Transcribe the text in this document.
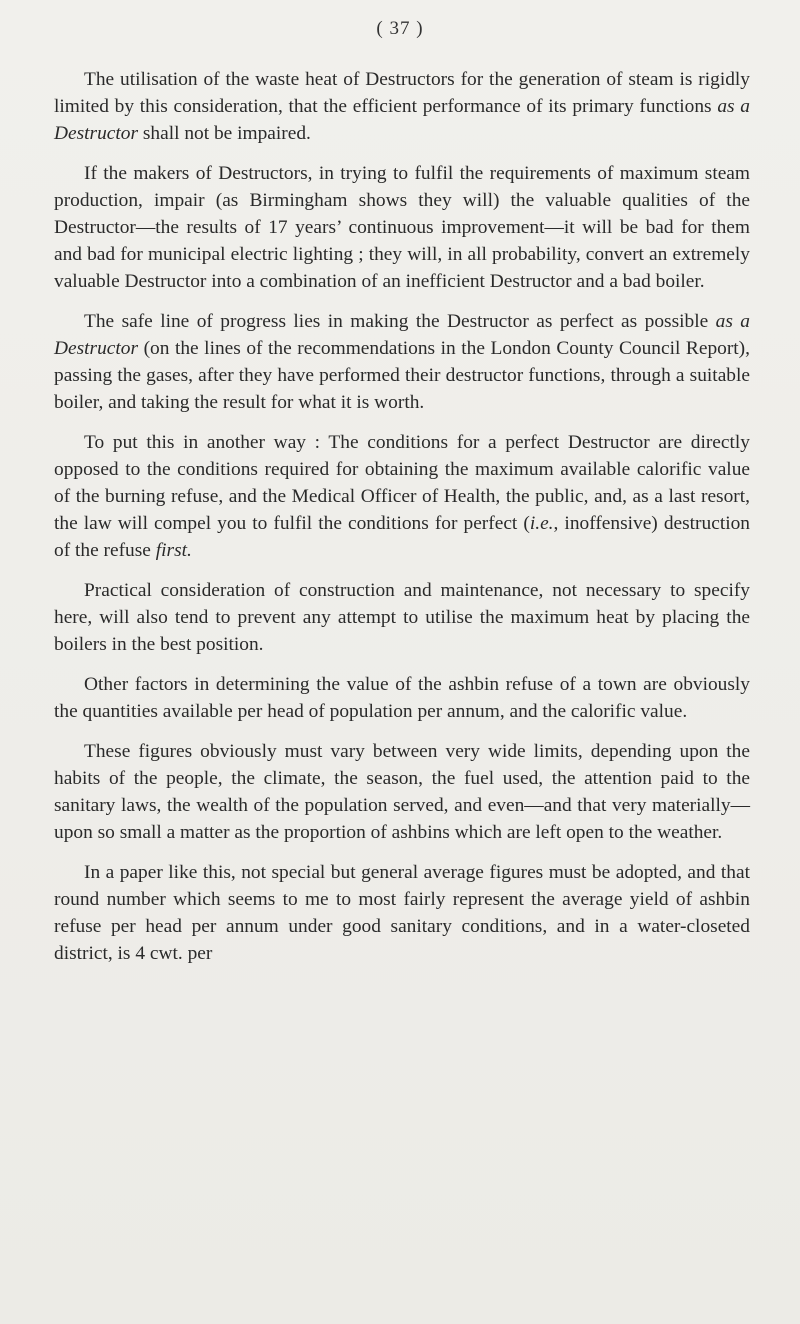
( 37 )

The utilisation of the waste heat of Destructors for the generation of steam is rigidly limited by this consideration, that the efficient performance of its primary functions as a Destructor shall not be impaired.

If the makers of Destructors, in trying to fulfil the requirements of maximum steam production, impair (as Birmingham shows they will) the valuable qualities of the Destructor—the results of 17 years’ continuous improvement—it will be bad for them and bad for municipal electric lighting ; they will, in all probability, convert an extremely valuable Destructor into a combination of an inefficient Destructor and a bad boiler.

The safe line of progress lies in making the Destructor as perfect as possible as a Destructor (on the lines of the recommendations in the London County Council Report), passing the gases, after they have performed their destructor functions, through a suitable boiler, and taking the result for what it is worth.

To put this in another way : The conditions for a perfect Destructor are directly opposed to the conditions required for obtaining the maximum available calorific value of the burning refuse, and the Medical Officer of Health, the public, and, as a last resort, the law will compel you to fulfil the conditions for perfect (i.e., inoffensive) destruction of the refuse first.

Practical consideration of construction and maintenance, not necessary to specify here, will also tend to prevent any attempt to utilise the maximum heat by placing the boilers in the best position.

Other factors in determining the value of the ashbin refuse of a town are obviously the quantities available per head of population per annum, and the calorific value.

These figures obviously must vary between very wide limits, depending upon the habits of the people, the climate, the season, the fuel used, the attention paid to the sanitary laws, the wealth of the population served, and even—and that very materially—upon so small a matter as the proportion of ashbins which are left open to the weather.

In a paper like this, not special but general average figures must be adopted, and that round number which seems to me to most fairly represent the average yield of ashbin refuse per head per annum under good sanitary conditions, and in a water-closeted district, is 4 cwt. per
